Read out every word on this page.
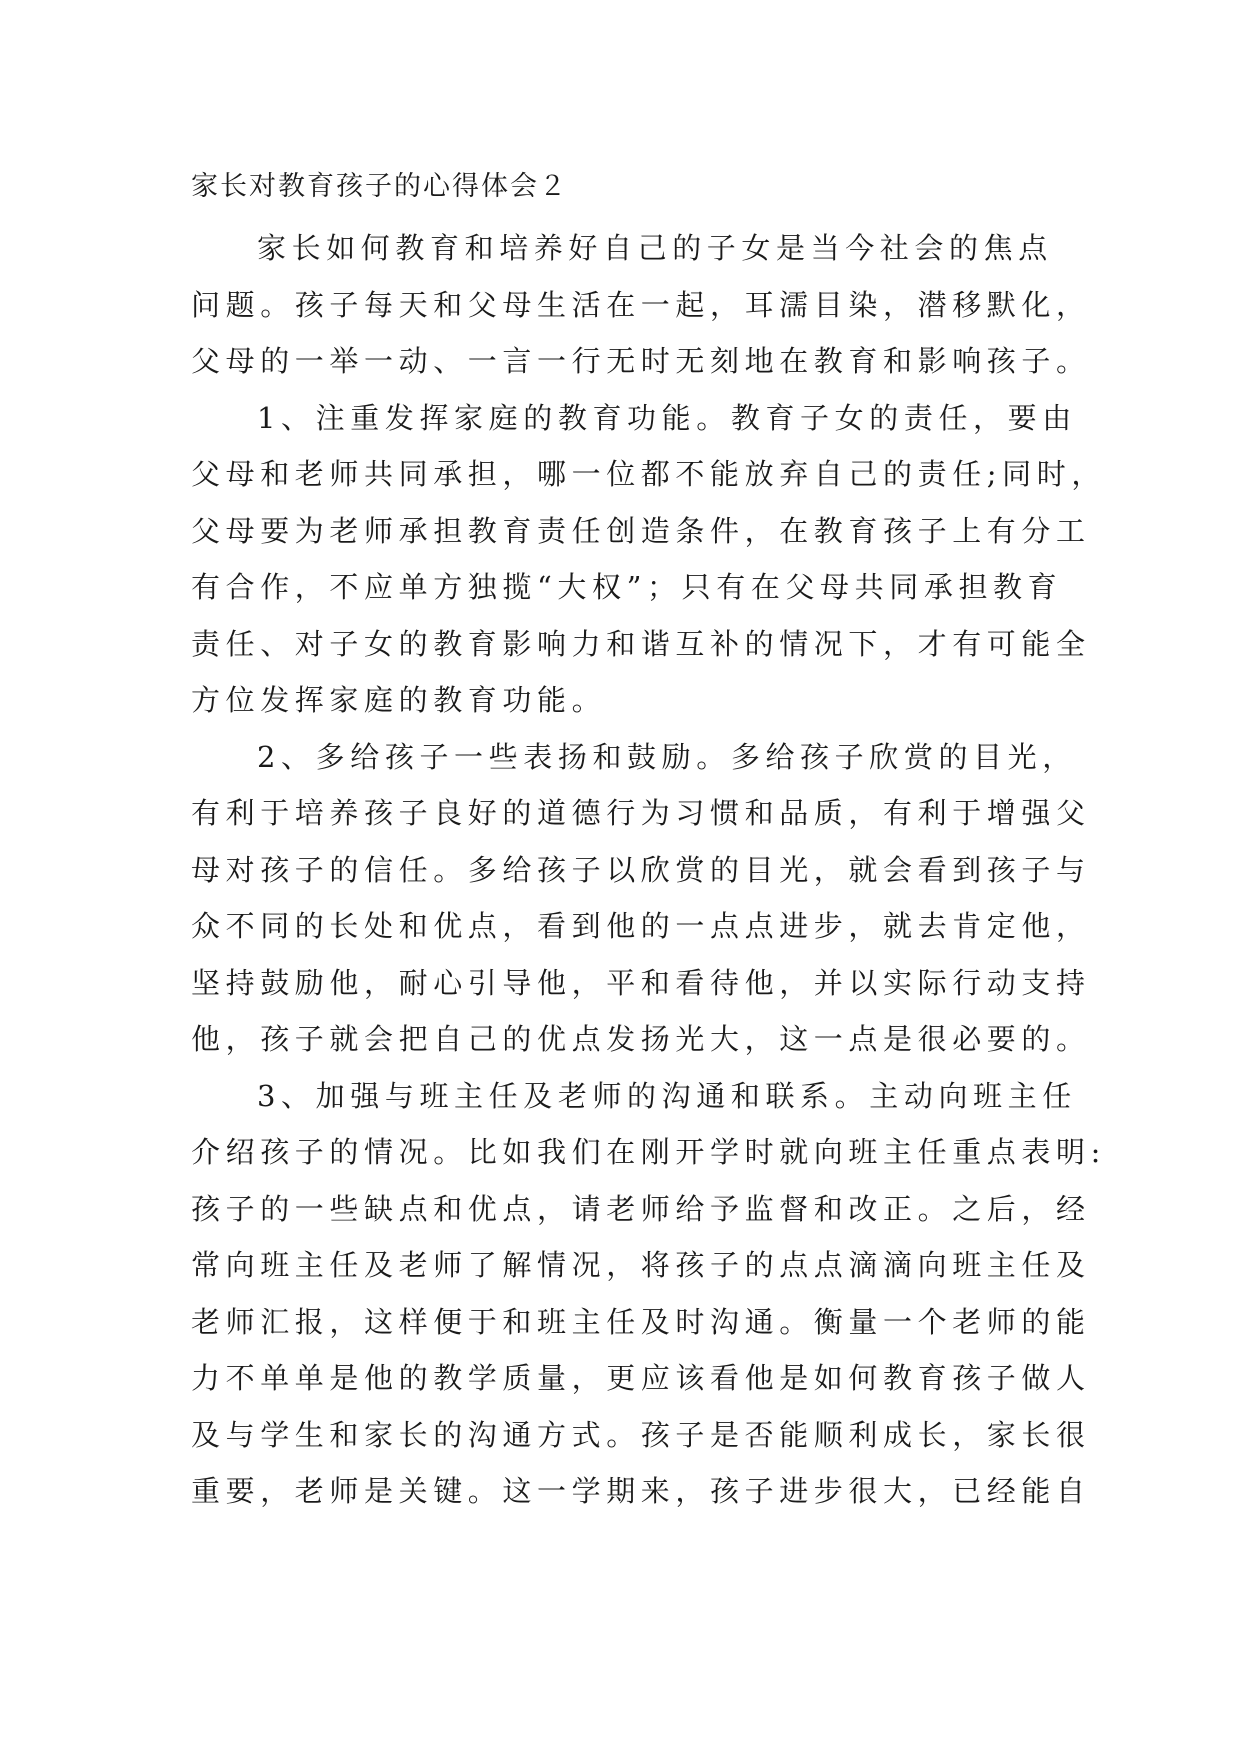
家长对教育孩子的心得体会２
家长如何教育和培养好自己的子女是当今社会的焦点
问题。孩子每天和父母生活在一起，耳濡目染，潜移默化，
父母的一举一动、一言一行无时无刻地在教育和影响孩子。
1、注重发挥家庭的教育功能。教育子女的责任，要由
父母和老师共同承担，哪一位都不能放弃自己的责任;同时，
父母要为老师承担教育责任创造条件，在教育孩子上有分工
有合作，不应单方独揽“大权”；只有在父母共同承担教育
责任、对子女的教育影响力和谐互补的情况下，才有可能全
方位发挥家庭的教育功能。
2、多给孩子一些表扬和鼓励。多给孩子欣赏的目光，
有利于培养孩子良好的道德行为习惯和品质，有利于增强父
母对孩子的信任。多给孩子以欣赏的目光，就会看到孩子与
众不同的长处和优点，看到他的一点点进步，就去肯定他，
坚持鼓励他，耐心引导他，平和看待他，并以实际行动支持
他，孩子就会把自己的优点发扬光大，这一点是很必要的。
3、加强与班主任及老师的沟通和联系。主动向班主任
介绍孩子的情况。比如我们在刚开学时就向班主任重点表明:
孩子的一些缺点和优点，请老师给予监督和改正。之后，经
常向班主任及老师了解情况，将孩子的点点滴滴向班主任及
老师汇报，这样便于和班主任及时沟通。衡量一个老师的能
力不单单是他的教学质量，更应该看他是如何教育孩子做人
及与学生和家长的沟通方式。孩子是否能顺利成长，家长很
重要，老师是关键。这一学期来，孩子进步很大，已经能自
